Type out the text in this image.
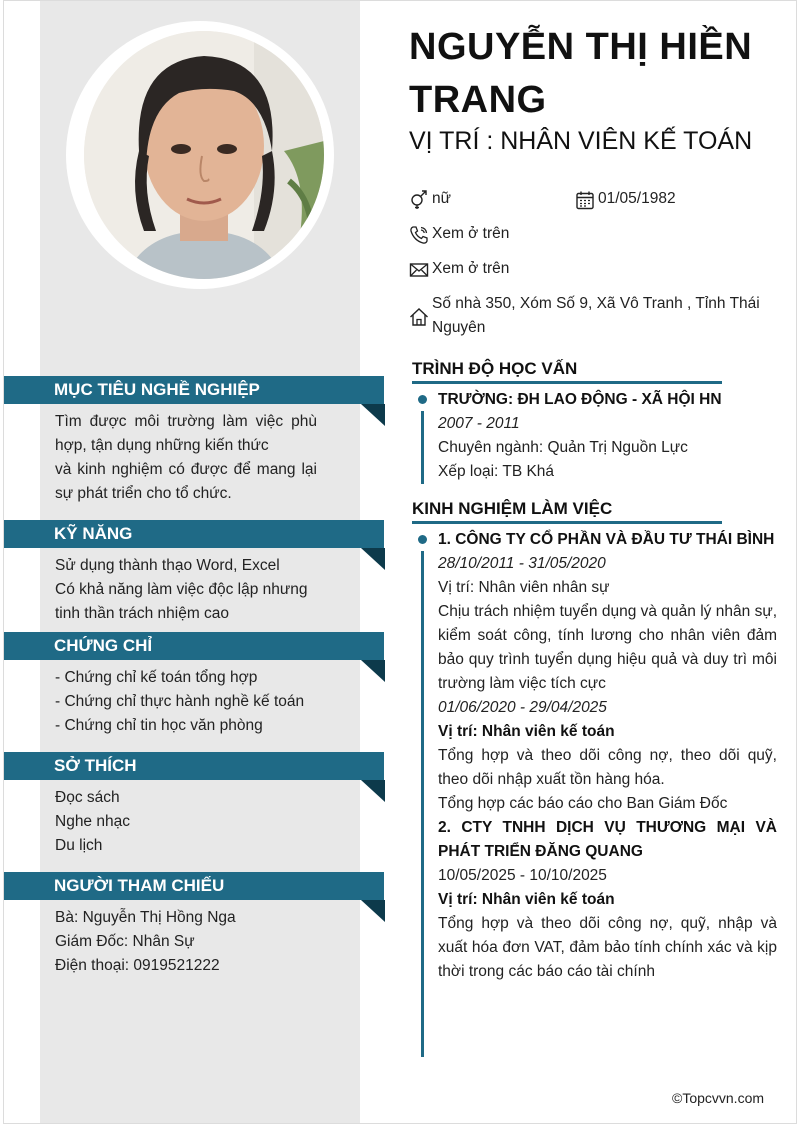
MỤC TIÊU NGHỀ NGHIỆP
Tìm được môi trường làm việc phù hợp, tận dụng những kiến thức
và kinh nghiệm có được để mang lại sự phát triển cho tổ chức.
KỸ NĂNG
Sử dụng thành thạo Word, Excel
Có khả năng làm việc độc lập nhưng tinh thần trách nhiệm cao
CHỨNG CHỈ
- Chứng chỉ kế toán tổng hợp
- Chứng chỉ thực hành nghề kế toán
- Chứng chỉ tin học văn phòng
SỞ THÍCH
Đọc sách
Nghe nhạc
Du lịch
NGƯỜI THAM CHIẾU
Bà: Nguyễn Thị Hồng Nga
Giám Đốc: Nhân Sự
Điện thoại: 0919521222
NGUYỄN THỊ HIỀN TRANG
VỊ TRÍ : NHÂN VIÊN KẾ TOÁN
nữ	01/05/1982
Xem ở trên
Xem ở trên
Số nhà 350, Xóm Số 9, Xã Vô Tranh , Tỉnh Thái Nguyên
TRÌNH ĐỘ HỌC VẤN
TRƯỜNG: ĐH LAO ĐỘNG - XÃ HỘI HN
2007 - 2011
Chuyên ngành: Quản Trị Nguồn Lực
Xếp loại: TB Khá
KINH NGHIỆM LÀM VIỆC
1. CÔNG TY CỔ PHẦN VÀ ĐẦU TƯ THÁI BÌNH
28/10/2011 - 31/05/2020
Vị trí: Nhân viên nhân sự
Chịu trách nhiệm tuyển dụng và quản lý nhân sự, kiểm soát công, tính lương cho nhân viên đảm bảo quy trình tuyển dụng hiệu quả và duy trì môi trường làm việc tích cực
01/06/2020 - 29/04/2025
Vị trí: Nhân viên kế toán
Tổng hợp và theo dõi công nợ, theo dõi quỹ, theo dõi nhập xuất tồn hàng hóa.
Tổng hợp các báo cáo cho Ban Giám Đốc
2. CTY TNHH DỊCH VỤ THƯƠNG MẠI VÀ PHÁT TRIỂN ĐĂNG QUANG
10/05/2025 - 10/10/2025
Vị trí: Nhân viên kế toán
Tổng hợp và theo dõi công nợ, quỹ, nhập và xuất hóa đơn VAT, đảm bảo tính chính xác và kịp thời trong các báo cáo tài chính
©Topcvvn.com
